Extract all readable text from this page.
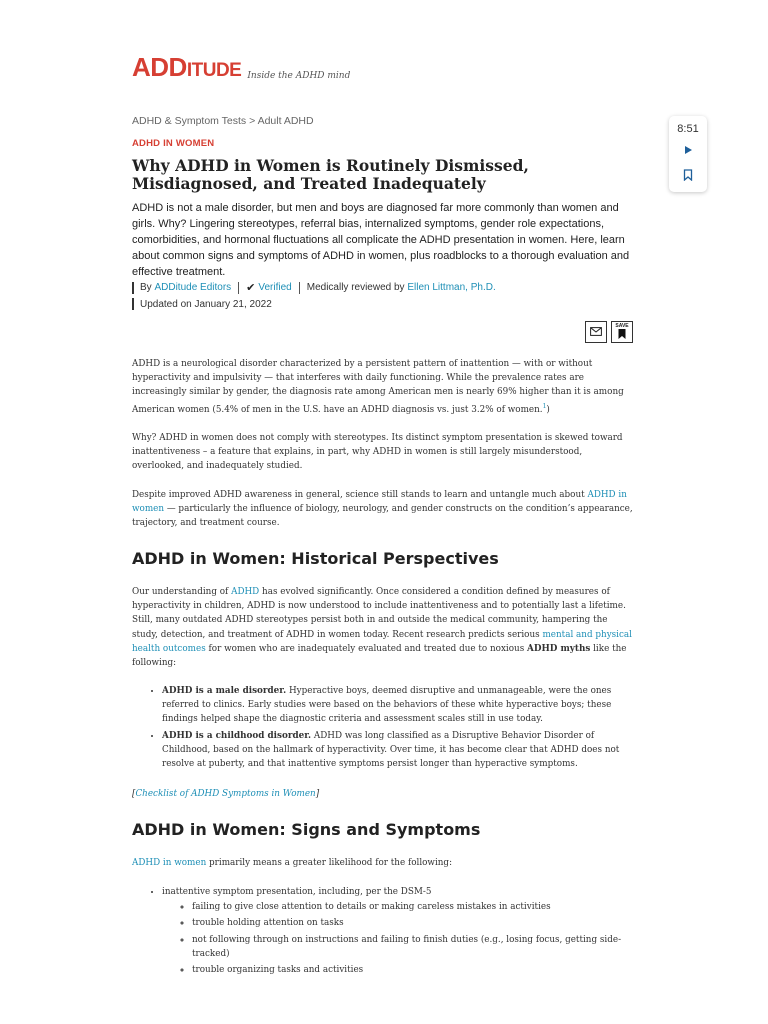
ADDITUDE Inside the ADHD mind
8:51
ADHD & Symptom Tests > Adult ADHD
ADHD IN WOMEN
Why ADHD in Women is Routinely Dismissed, Misdiagnosed, and Treated Inadequately

ADHD is not a male disorder, but men and boys are diagnosed far more commonly than women and girls. Why? Lingering stereotypes, referral bias, internalized symptoms, gender role expectations, comorbidities, and hormonal fluctuations all complicate the ADHD presentation in women. Here, learn about common signs and symptoms of ADHD in women, plus roadblocks to a thorough evaluation and effective treatment.

By
ADDitude Editors ✔ Verified Medically reviewed by
Ellen Littman, Ph.D.
Updated on January 21, 2022
SAVE

ADHD is a neurological disorder characterized by a persistent pattern of inattention — with or without hyperactivity and impulsivity — that interferes with daily functioning. While the prevalence rates are increasingly similar by gender, the diagnosis rate among American men is nearly 69% higher than it is among American women (5.4% of men in the U.S. have an ADHD diagnosis vs. just 3.2% of women.$^1$)

Why? ADHD in women does not comply with stereotypes. Its distinct symptom presentation is skewed toward inattentiveness – a feature that explains, in part, why ADHD in women is still largely misunderstood, overlooked, and inadequately studied.

Despite improved ADHD awareness in general, science still stands to learn and untangle much about ADHD in women — particularly the influence of biology, neurology, and gender constructs on the condition’s appearance, trajectory, and treatment course.

ADHD in Women: Historical Perspectives

Our understanding of ADHD has evolved significantly. Once considered a condition defined by measures of hyperactivity in children, ADHD is now understood to include inattentiveness and to potentially last a lifetime. Still, many outdated ADHD stereotypes persist both in and outside the medical community, hampering the study, detection, and treatment of ADHD in women today. Recent research predicts serious mental and physical health outcomes for women who are inadequately evaluated and treated due to noxious ADHD myths like the following:

• ADHD is a male disorder. Hyperactive boys, deemed disruptive and unmanageable, were the ones referred to clinics. Early studies were based on the behaviors of these white hyperactive boys; these findings helped shape the diagnostic criteria and assessment scales still in use today.
• ADHD is a childhood disorder. ADHD was long classified as a Disruptive Behavior Disorder of Childhood, based on the hallmark of hyperactivity. Over time, it has become clear that ADHD does not resolve at puberty, and that inattentive symptoms persist longer than hyperactive symptoms.

[Checklist of ADHD Symptoms in Women]

ADHD in Women: Signs and Symptoms

ADHD in women primarily means a greater likelihood for the following:

• inattentive symptom presentation, including, per the DSM-5
◦ failing to give close attention to details or making careless mistakes in activities
◦ trouble holding attention on tasks
◦ not following through on instructions and failing to finish duties (e.g., losing focus, getting side-tracked)
◦ trouble organizing tasks and activities
